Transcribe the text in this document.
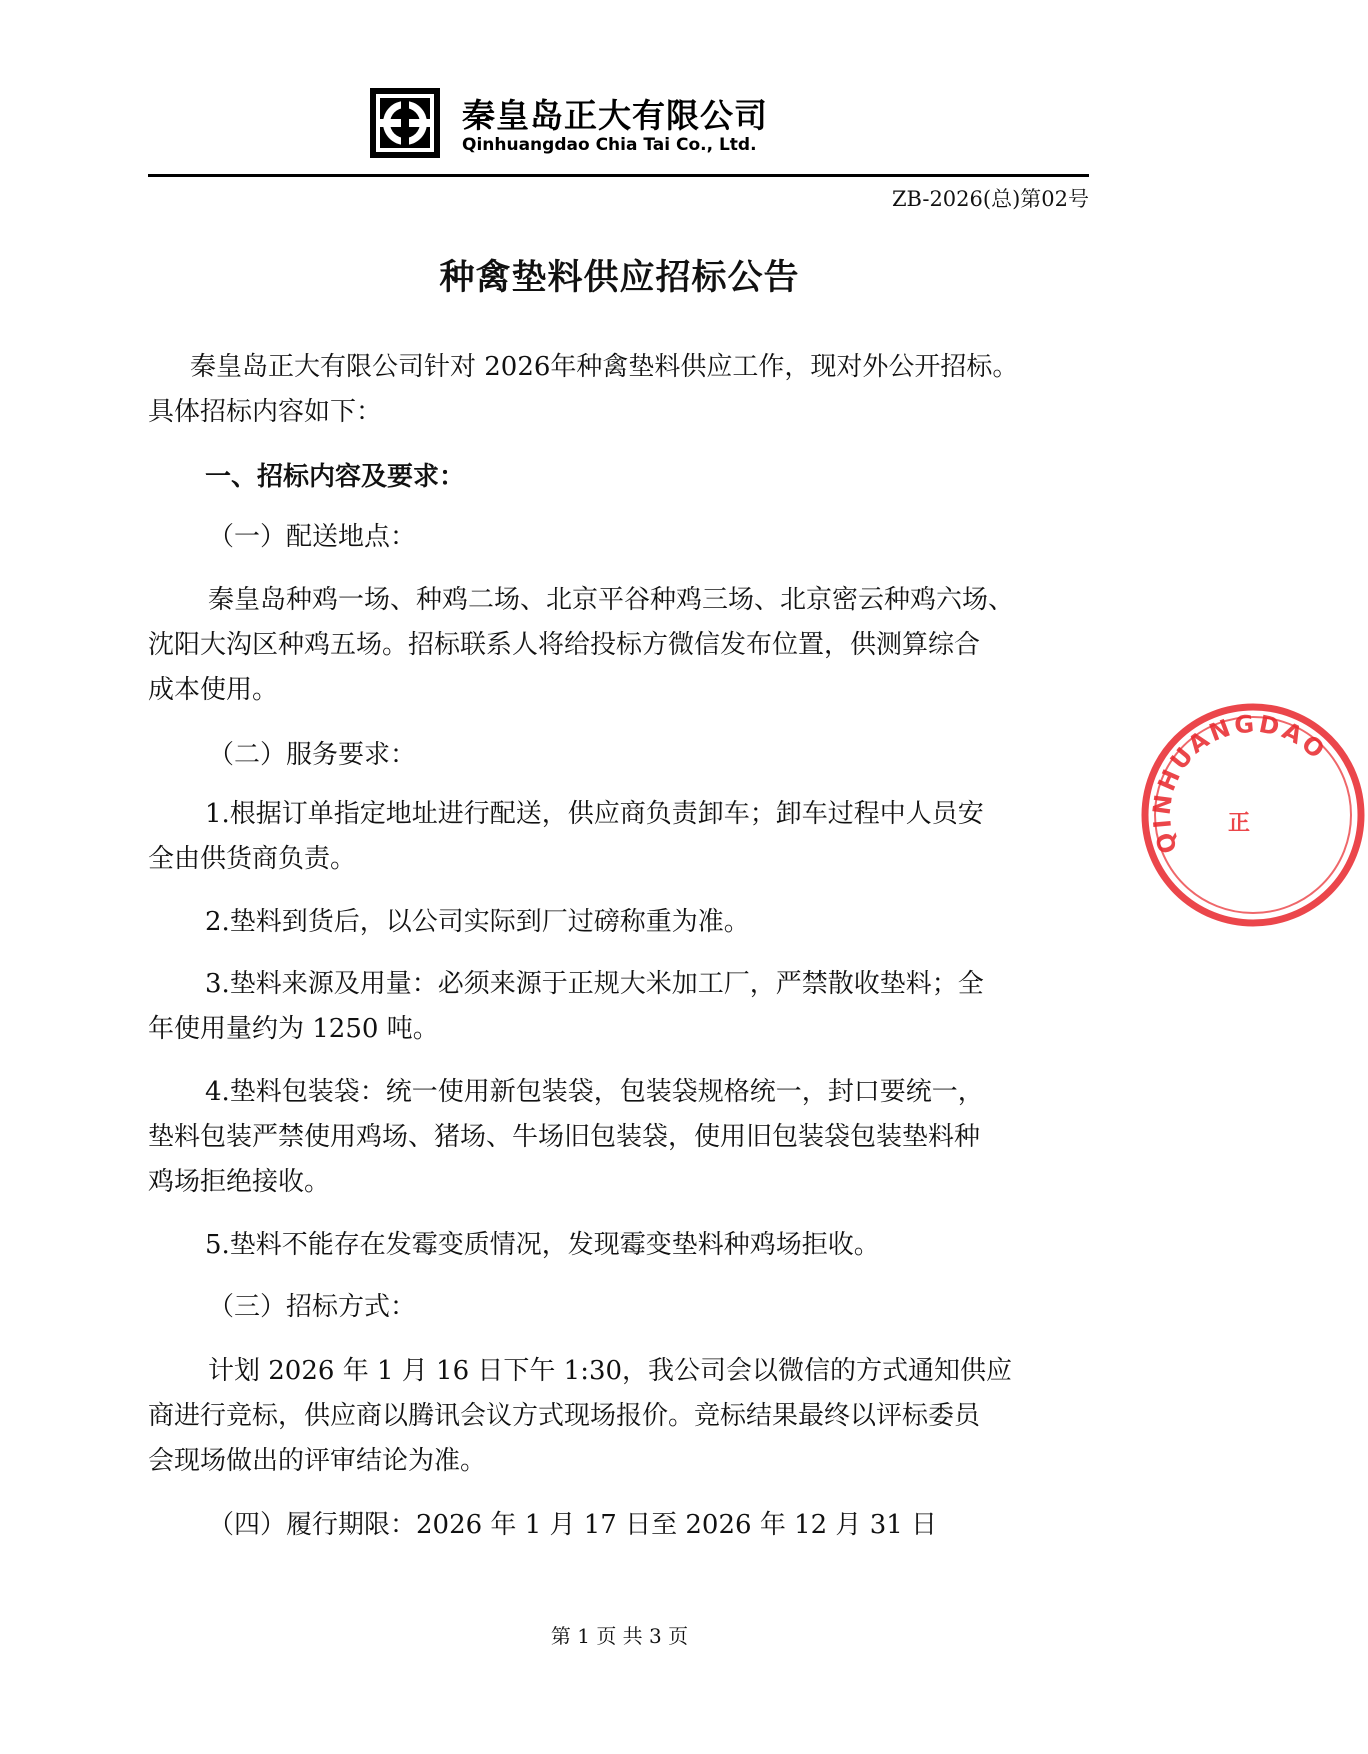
秦皇岛正大有限公司
Qinhuangdao Chia Tai Co., Ltd.
ZB-2026(总)第02号
种禽垫料供应招标公告
秦皇岛正大有限公司针对 2026年种禽垫料供应工作，现对外公开招标。
具体招标内容如下：
一、招标内容及要求：
（一）配送地点：
秦皇岛种鸡一场、种鸡二场、北京平谷种鸡三场、北京密云种鸡六场、
沈阳大沟区种鸡五场。招标联系人将给投标方微信发布位置，供测算综合
成本使用。
（二）服务要求：
1.根据订单指定地址进行配送，供应商负责卸车；卸车过程中人员安
全由供货商负责。
2.垫料到货后，以公司实际到厂过磅称重为准。
3.垫料来源及用量：必须来源于正规大米加工厂，严禁散收垫料；全
年使用量约为 1250 吨。
4.垫料包装袋：统一使用新包装袋，包装袋规格统一，封口要统一，
垫料包装严禁使用鸡场、猪场、牛场旧包装袋，使用旧包装袋包装垫料种
鸡场拒绝接收。
5.垫料不能存在发霉变质情况，发现霉变垫料种鸡场拒收。
（三）招标方式：
计划 2026 年 1 月 16 日下午 1:30，我公司会以微信的方式通知供应
商进行竞标，供应商以腾讯会议方式现场报价。竞标结果最终以评标委员
会现场做出的评审结论为准。
（四）履行期限：2026 年 1 月 17 日至 2026 年 12 月 31 日
第 1 页 共 3 页
QINHUANGDAO
正
